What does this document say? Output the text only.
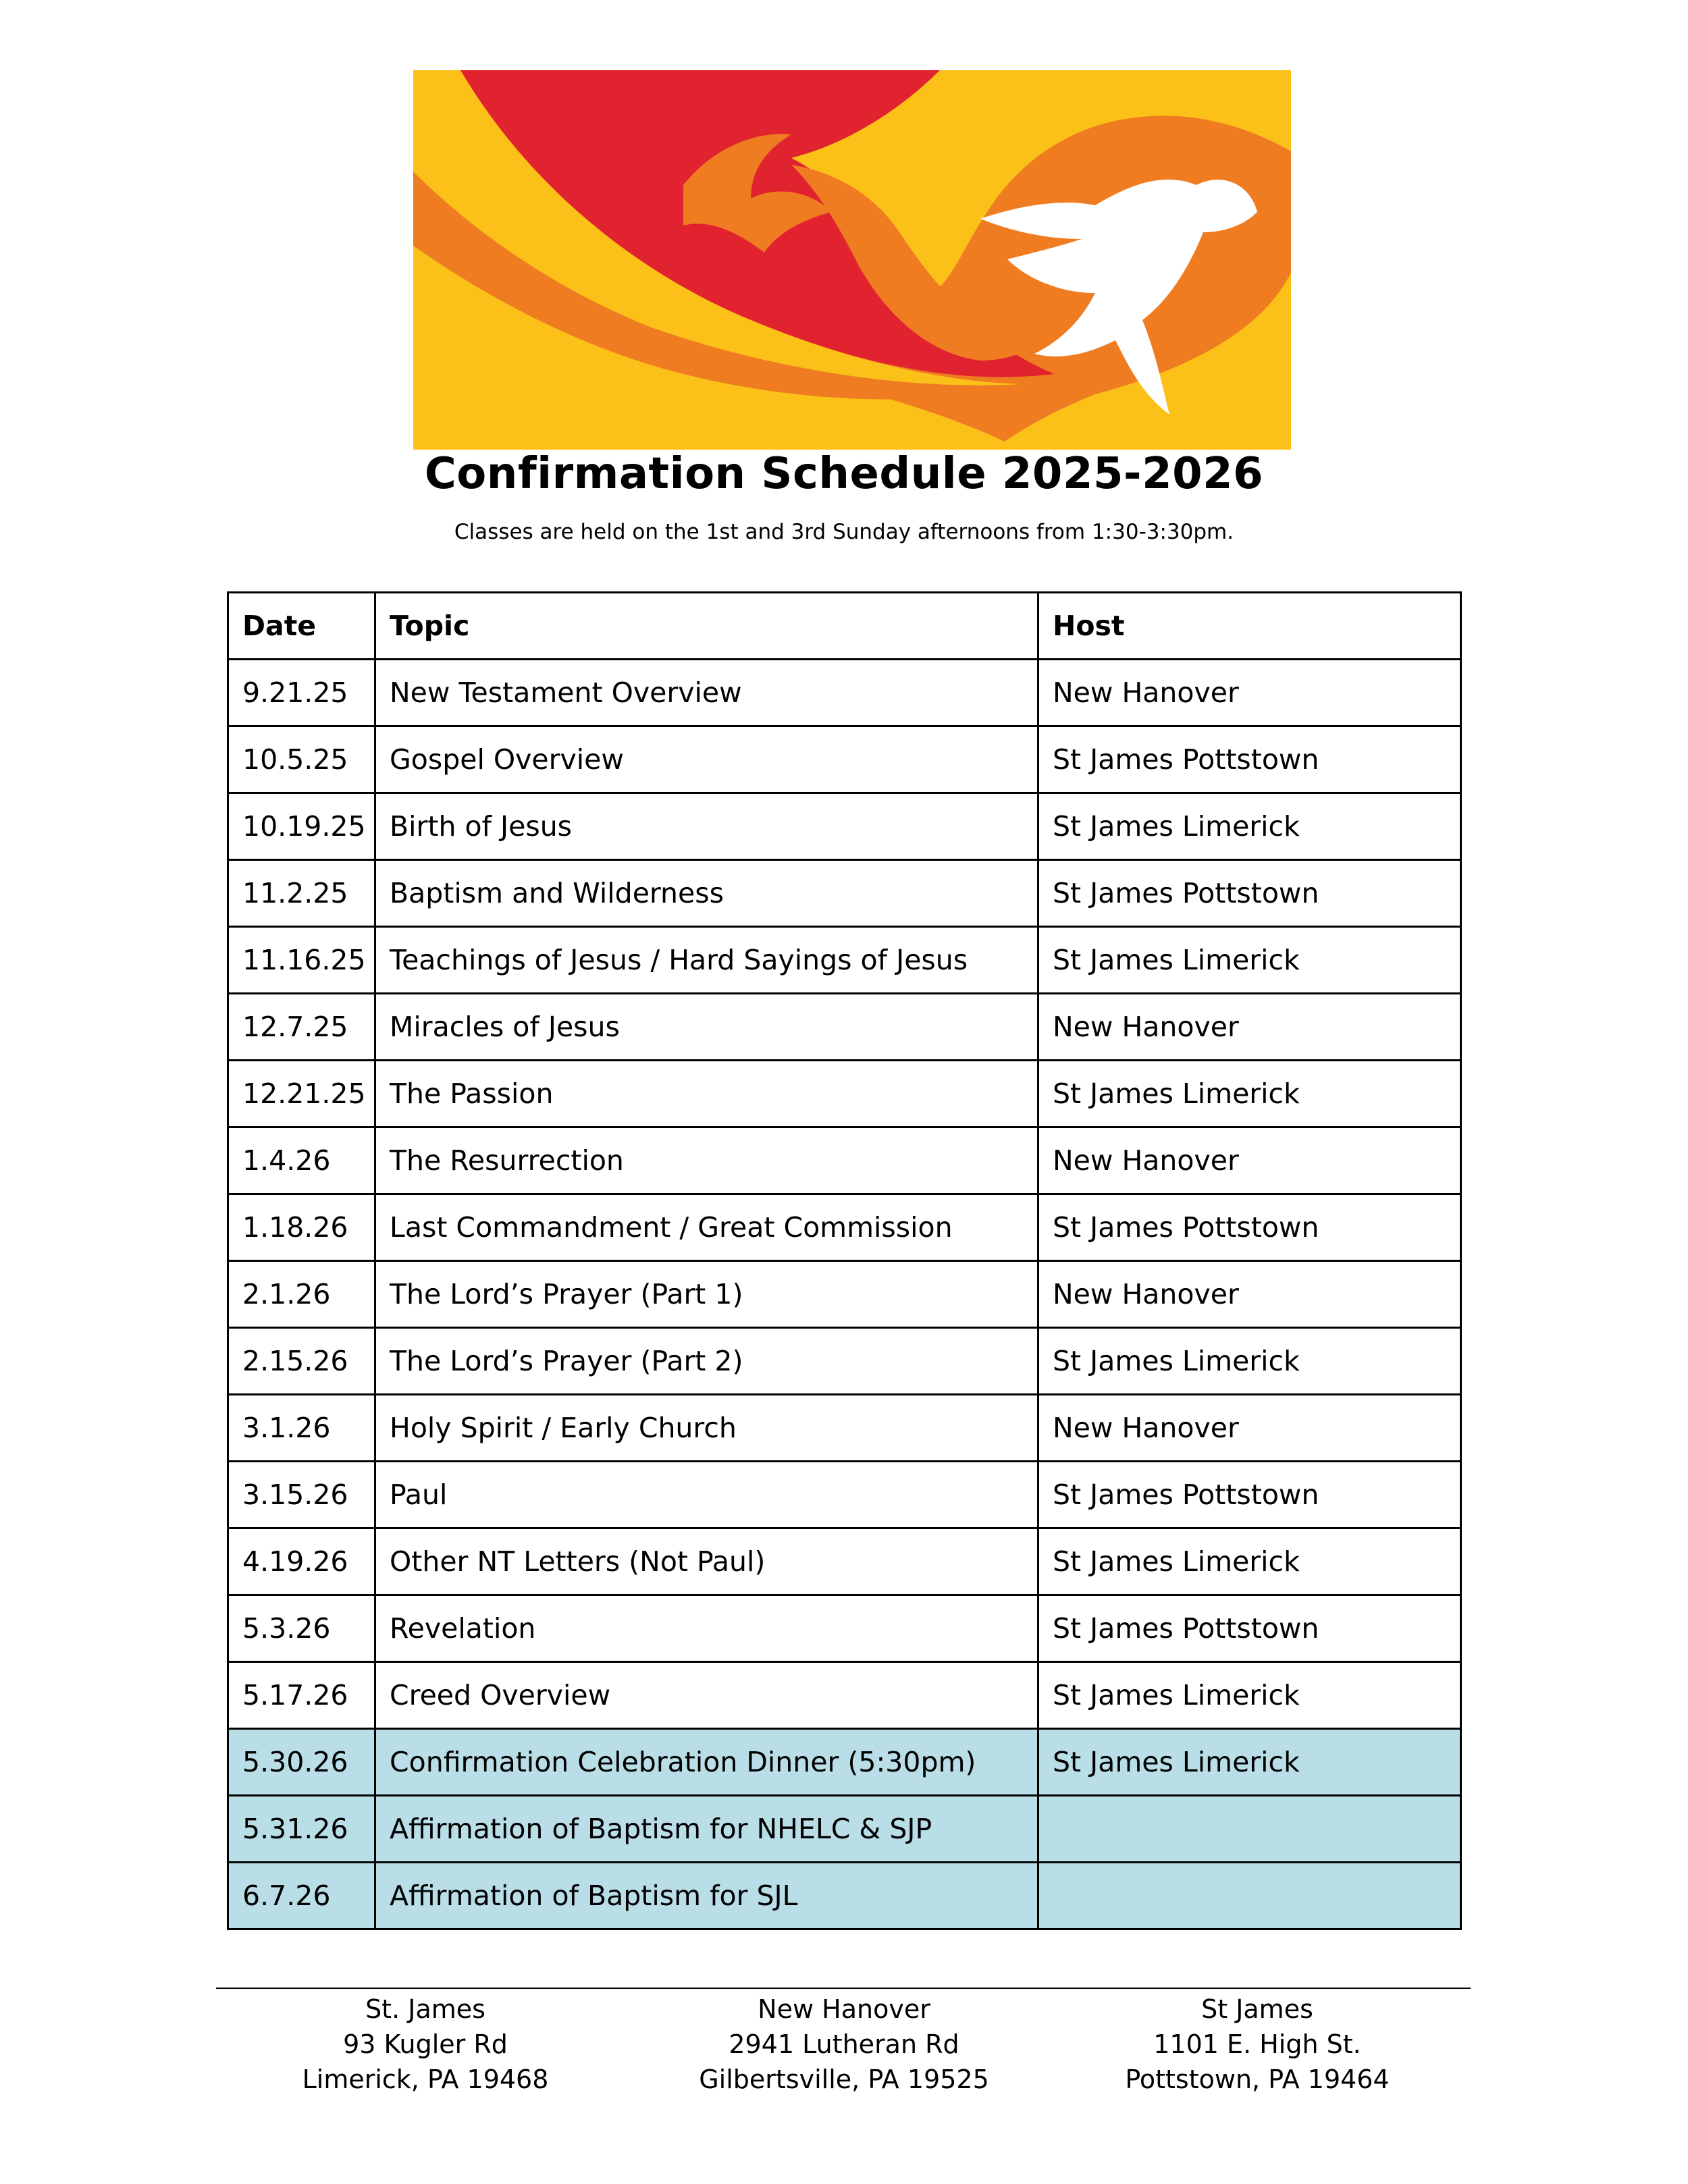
Confirmation Schedule 2025-2026
Classes are held on the 1st and 3rd Sunday afternoons from 1:30-3:30pm.
Date	Topic	Host
9.21.25	New Testament Overview	New Hanover
10.5.25	Gospel Overview	St James Pottstown
10.19.25	Birth of Jesus	St James Limerick
11.2.25	Baptism and Wilderness	St James Pottstown
11.16.25	Teachings of Jesus / Hard Sayings of Jesus	St James Limerick
12.7.25	Miracles of Jesus	New Hanover
12.21.25	The Passion	St James Limerick
1.4.26	The Resurrection	New Hanover
1.18.26	Last Commandment / Great Commission	St James Pottstown
2.1.26	The Lord’s Prayer (Part 1)	New Hanover
2.15.26	The Lord’s Prayer (Part 2)	St James Limerick
3.1.26	Holy Spirit / Early Church	New Hanover
3.15.26	Paul	St James Pottstown
4.19.26	Other NT Letters (Not Paul)	St James Limerick
5.3.26	Revelation	St James Pottstown
5.17.26	Creed Overview	St James Limerick
5.30.26	Confirmation Celebration Dinner (5:30pm)	St James Limerick
5.31.26	Affirmation of Baptism for NHELC & SJP	
6.7.26	Affirmation of Baptism for SJL	
St. James
93 Kugler Rd
Limerick, PA 19468
New Hanover
2941 Lutheran Rd
Gilbertsville, PA 19525
St James
1101 E. High St.
Pottstown, PA 19464
